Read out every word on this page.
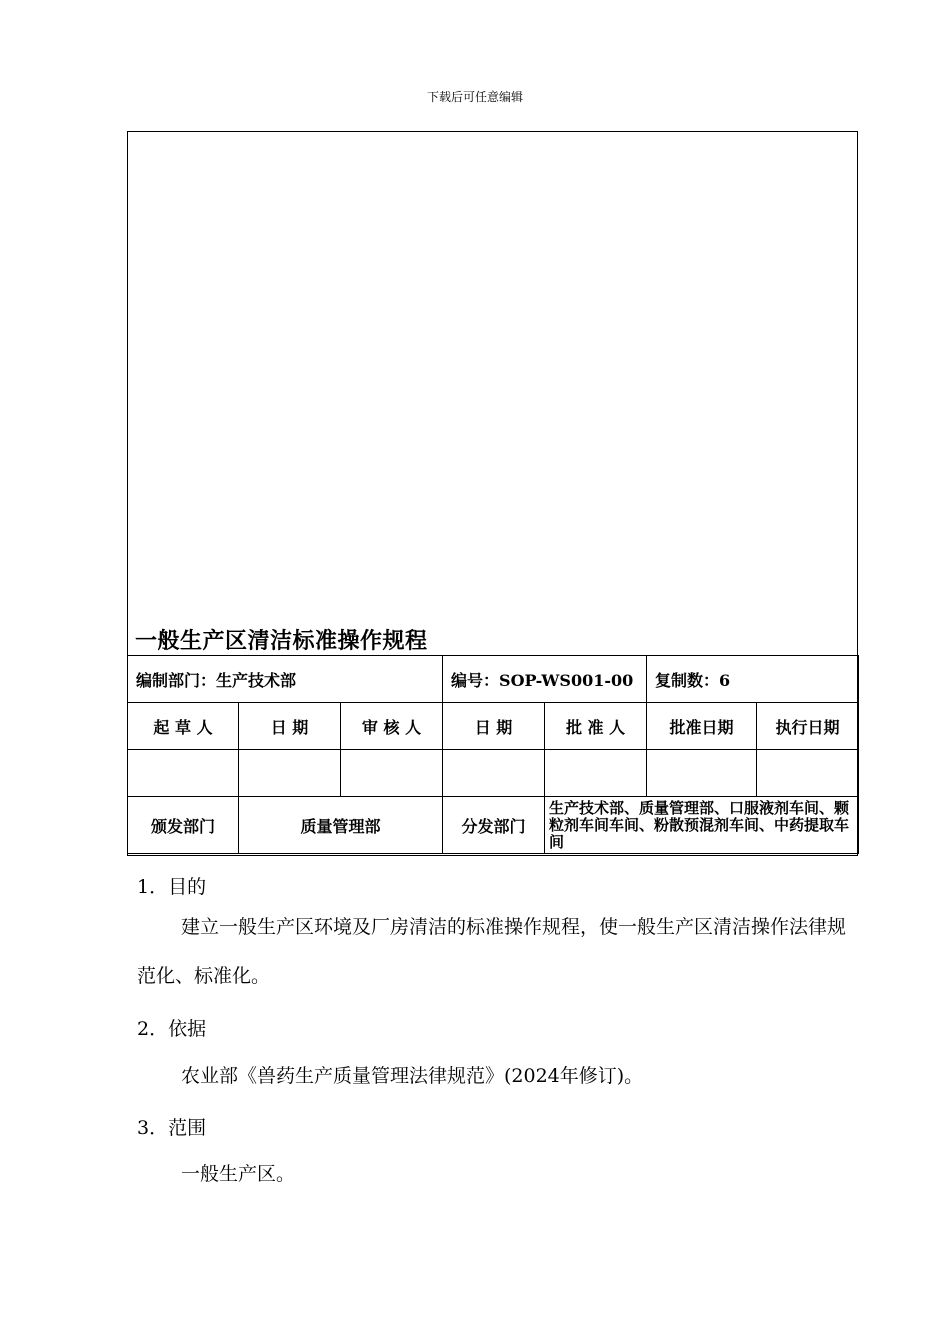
下载后可任意编辑
一般生产区清洁标准操作规程
编制部门：生产技术部			编号：SOP-WS001-00		复制数：6	
起 草 人	日 期	审 核 人	日 期	批 准 人	批准日期	执行日期

颁发部门	质量管理部		分发部门	生产技术部、质量管理部、口服液剂车间、颗粒剂车间车间、粉散预混剂车间、中药提取车间		
1．目的
建立一般生产区环境及厂房清洁的标准操作规程，使一般生产区清洁操作法律规范化、标准化。
2．依据
农业部《兽药生产质量管理法律规范》(2024年修订)。
3．范围
一般生产区。
